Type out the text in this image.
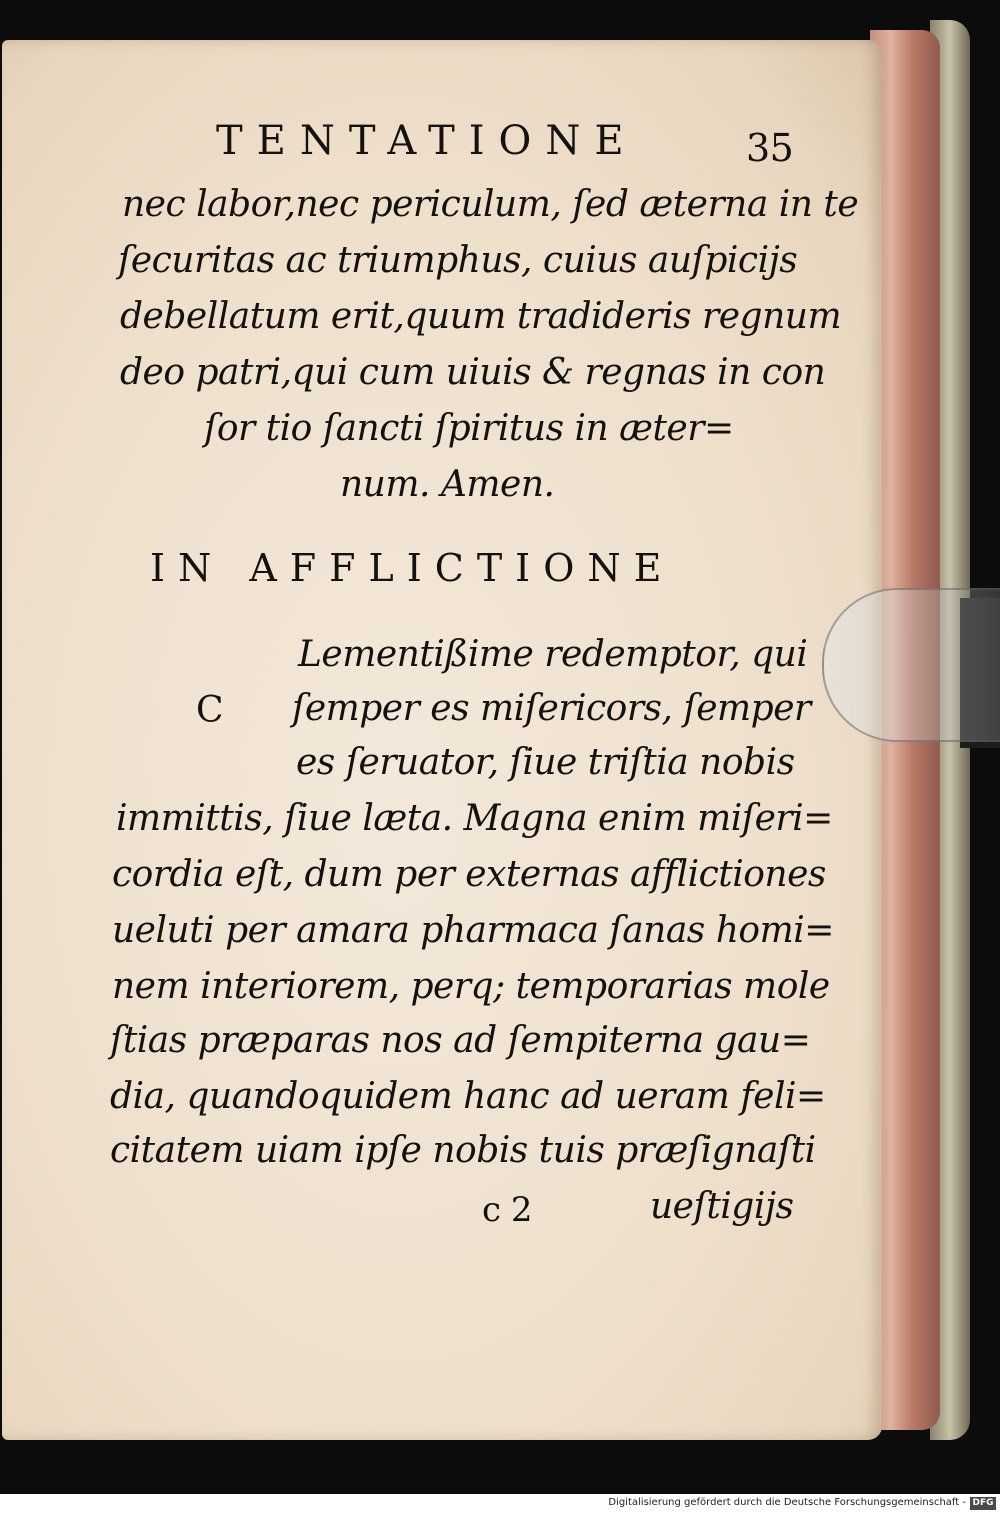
TENTATIONE	35
nec labor,nec periculum, ſed æterna in te
ſecuritas ac triumphus, cuius auſpicijs
debellatum erit,quum tradideris regnum
deo patri,qui cum uiuis & regnas in con
ſor tio ſancti ſpiritus in æter=
num. Amen.
IN AFFLICTIONE
C
Lementißime redemptor, qui
ſemper es miſericors, ſemper
es ſeruator, ſiue triſtia nobis
immittis, ſiue læta. Magna enim miſeri=
cordia eſt, dum per externas afflictiones
ueluti per amara pharmaca ſanas homi=
nem interiorem, perq; temporarias mole
ſtias præparas nos ad ſempiterna gau=
dia, quandoquidem hanc ad ueram feli=
citatem uiam ipſe nobis tuis præſignaſti
c 2	ueſtigijs
Digitalisierung gefördert durch die Deutsche Forschungsgemeinschaft - DFG
